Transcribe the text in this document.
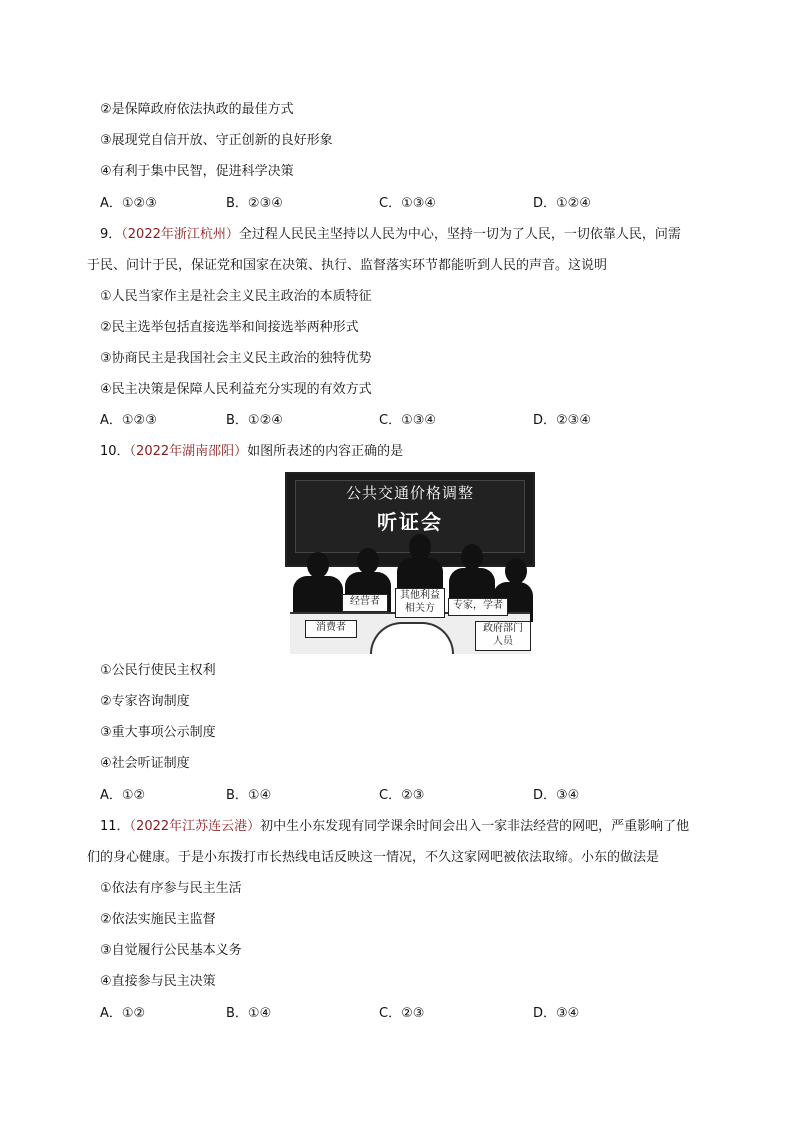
②是保障政府依法执政的最佳方式
③展现党自信开放、守正创新的良好形象
④有利于集中民智，促进科学决策
A．①②③	B．②③④	C．①③④	D．①②④
9．（2022年浙江杭州）全过程人民民主坚持以人民为中心，坚持一切为了人民，一切依靠人民，问需
于民、问计于民，保证党和国家在决策、执行、监督落实环节都能听到人民的声音。这说明
①人民当家作主是社会主义民主政治的本质特征
②民主选举包括直接选举和间接选举两种形式
③协商民主是我国社会主义民主政治的独特优势
④民主决策是保障人民利益充分实现的有效方式
A．①②③	B．①②④	C．①③④	D．②③④
10．（2022年湖南邵阳）如图所表述的内容正确的是
公共交通价格调整
听证会
经营者
其他利益
相关方	专家，学者
消费者	政府部门
人员
①公民行使民主权利
②专家咨询制度
③重大事项公示制度
④社会听证制度
A．①②	B．①④	C．②③	D．③④
11．（2022年江苏连云港）初中生小东发现有同学课余时间会出入一家非法经营的网吧，严重影响了他
们的身心健康。于是小东拨打市长热线电话反映这一情况，不久这家网吧被依法取缔。小东的做法是
①依法有序参与民主生活
②依法实施民主监督
③自觉履行公民基本义务
④直接参与民主决策
A．①②	B．①④	C．②③	D．③④
